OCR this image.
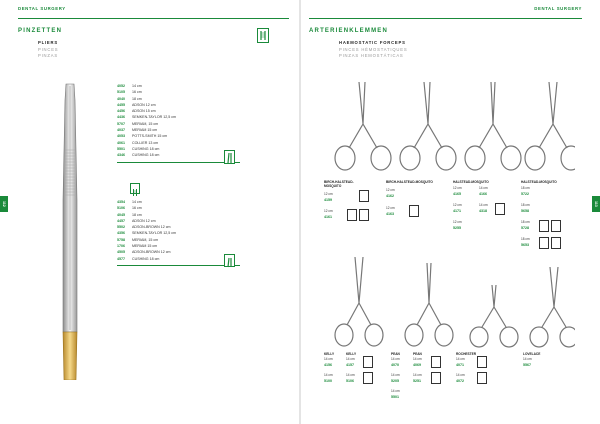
DENTAL SURGERY
112
PINZETTEN
PLIERS
PINCES
PINZAS
4052	14 cm
5105	16 cm
4040	18 cm
4455	ADSON 12 cm
4456	ADSON 15 cm
4436	SEMKEN-TAYLOR 12,5 cm
5707	MERIAM, 15 cm
4037	MERIAM 15 cm
4053	POTTS-SMITH 15 cm
4061	COLLIER 13 cm
5501	CUSHING 18 cm
4346	CUSHING 18 cm
4354	14 cm
5106	16 cm
4045	18 cm
4457	ADSON 12 cm
5502	ADSON-BROWN 12 cm
4356	SEMKEN-TAYLOR 12,5 cm
5758	MERIAM, 15 cm
1706	MERIAM 15 cm
4505	ADSON-BROWN 12 cm
4577	CUSHING 18 cm
DENTAL SURGERY
113
ARTERIENKLEMMEN
HAEMOSTATIC FORCEPS
PINCES HÉMOSTATIQUES
PINZAS HEMOSTÁTICAS
BIRCH-HALSTEAD-MOSQUITO
12 cm
4159
12 cm
4161
BIRCH-HALSTEAD-MOSQUITO
12 cm
4162
12 cm
4163
HALSTEAD-MOSQUITO
12 cm
4165
14 cm
4166
12 cm
4171
14 cm
4318
12 cm
5255
HALSTEAD-MOSQUITO
18 cm
5722
18 cm
5658
18 cm
5728
18 cm
5653
KELLY
14 cm
14 cm
5100
4156
KELLY
14 cm
4157
14 cm
5106
PEAN
14 cm
4070
14 cm
5205
14 cm
5501
PEAN
14 cm
4069
14 cm
5251
ROCHESTER
14 cm
4071
14 cm
4072
LOVELACE
14 cm
5567
